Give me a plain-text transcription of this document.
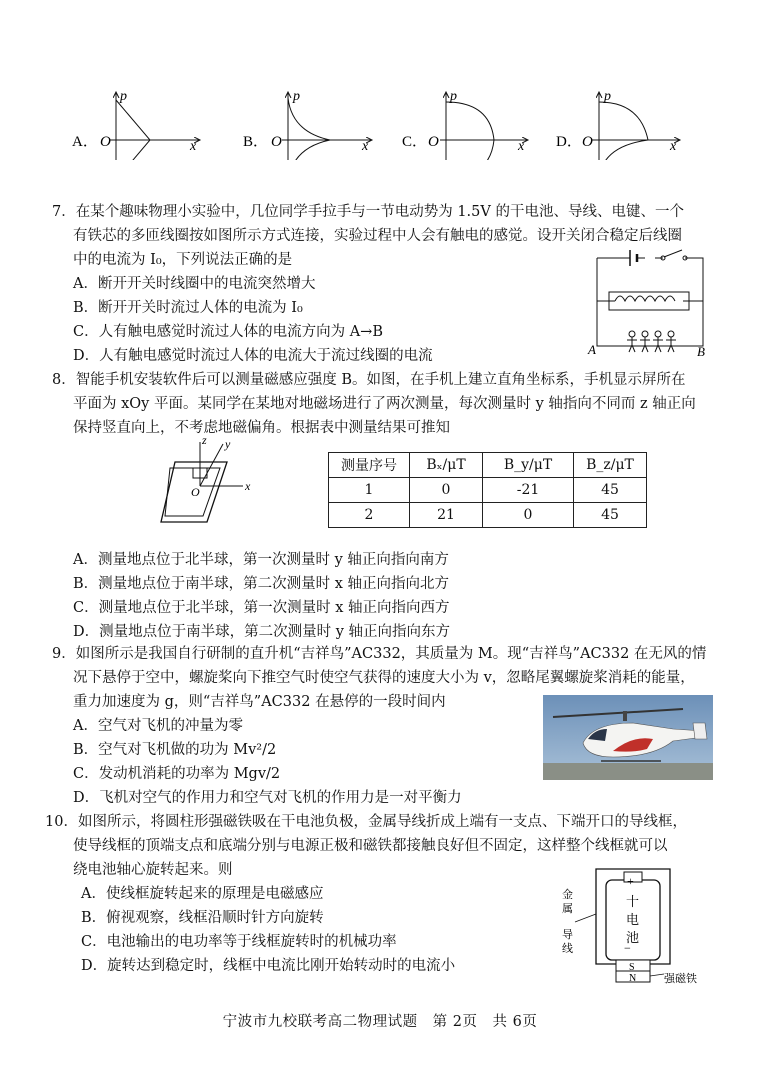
A． O
p
x	B． O
p
x C． O
p
x D． O
p
x
7．在某个趣味物理小实验中，几位同学手拉手与一节电动势为 1.5V 的干电池、导线、电键、一个
有铁芯的多匝线圈按如图所示方式连接，实验过程中人会有触电的感觉。设开关闭合稳定后线圈
中的电流为 I₀，下列说法正确的是
A．断开开关时线圈中的电流突然增大
B．断开开关时流过人体的电流为 I₀
C．人有触电感觉时流过人体的电流方向为 A→B
D．人有触电感觉时流过人体的电流大于流过线圈的电流	A	B
8．智能手机安装软件后可以测量磁感应强度 B。如图，在手机上建立直角坐标系，手机显示屏所在
平面为 xOy 平面。某同学在某地对地磁场进行了两次测量，每次测量时 y 轴指向不同而 z 轴正向
保持竖直向上，不考虑地磁偏角。根据表中测量结果可推知
z y
x
O
测量序号	Bₓ/μT	B_y/μT	B_z/μT
1	0	-21	45
2	21	0	45
A．测量地点位于北半球，第一次测量时 y 轴正向指向南方
B．测量地点位于南半球，第二次测量时 x 轴正向指向北方
C．测量地点位于北半球，第一次测量时 x 轴正向指向西方
D．测量地点位于南半球，第二次测量时 y 轴正向指向东方
9．如图所示是我国自行研制的直升机“吉祥鸟”AC332，其质量为 M。现“吉祥鸟”AC332 在无风的情
况下悬停于空中，螺旋桨向下推空气时使空气获得的速度大小为 v，忽略尾翼螺旋桨消耗的能量，
重力加速度为 g，则“吉祥鸟”AC332 在悬停的一段时间内
A．空气对飞机的冲量为零
B．空气对飞机做的功为 Mv²/2
C．发动机消耗的功率为 Mgv/2
D．飞机对空气的作用力和空气对飞机的作用力是一对平衡力
10．如图所示，将圆柱形强磁铁吸在干电池负极，金属导线折成上端有一支点、下端开口的导线框，
使导线框的顶端支点和底端分别与电源正极和磁铁都接触良好但不固定，这样整个线框就可以
绕电池轴心旋转起来。则
A．使线框旋转起来的原理是电磁感应
B．俯视观察，线框沿顺时针方向旋转
C．电池输出的电功率等于线框旋转时的机械功率
D．旋转达到稳定时，线框中电流比刚开始转动时的电流小
+
−
十
电
池
S
N
金
属
导
线
强磁铁
宁波市九校联考高二物理试题　第 2页　共 6页
